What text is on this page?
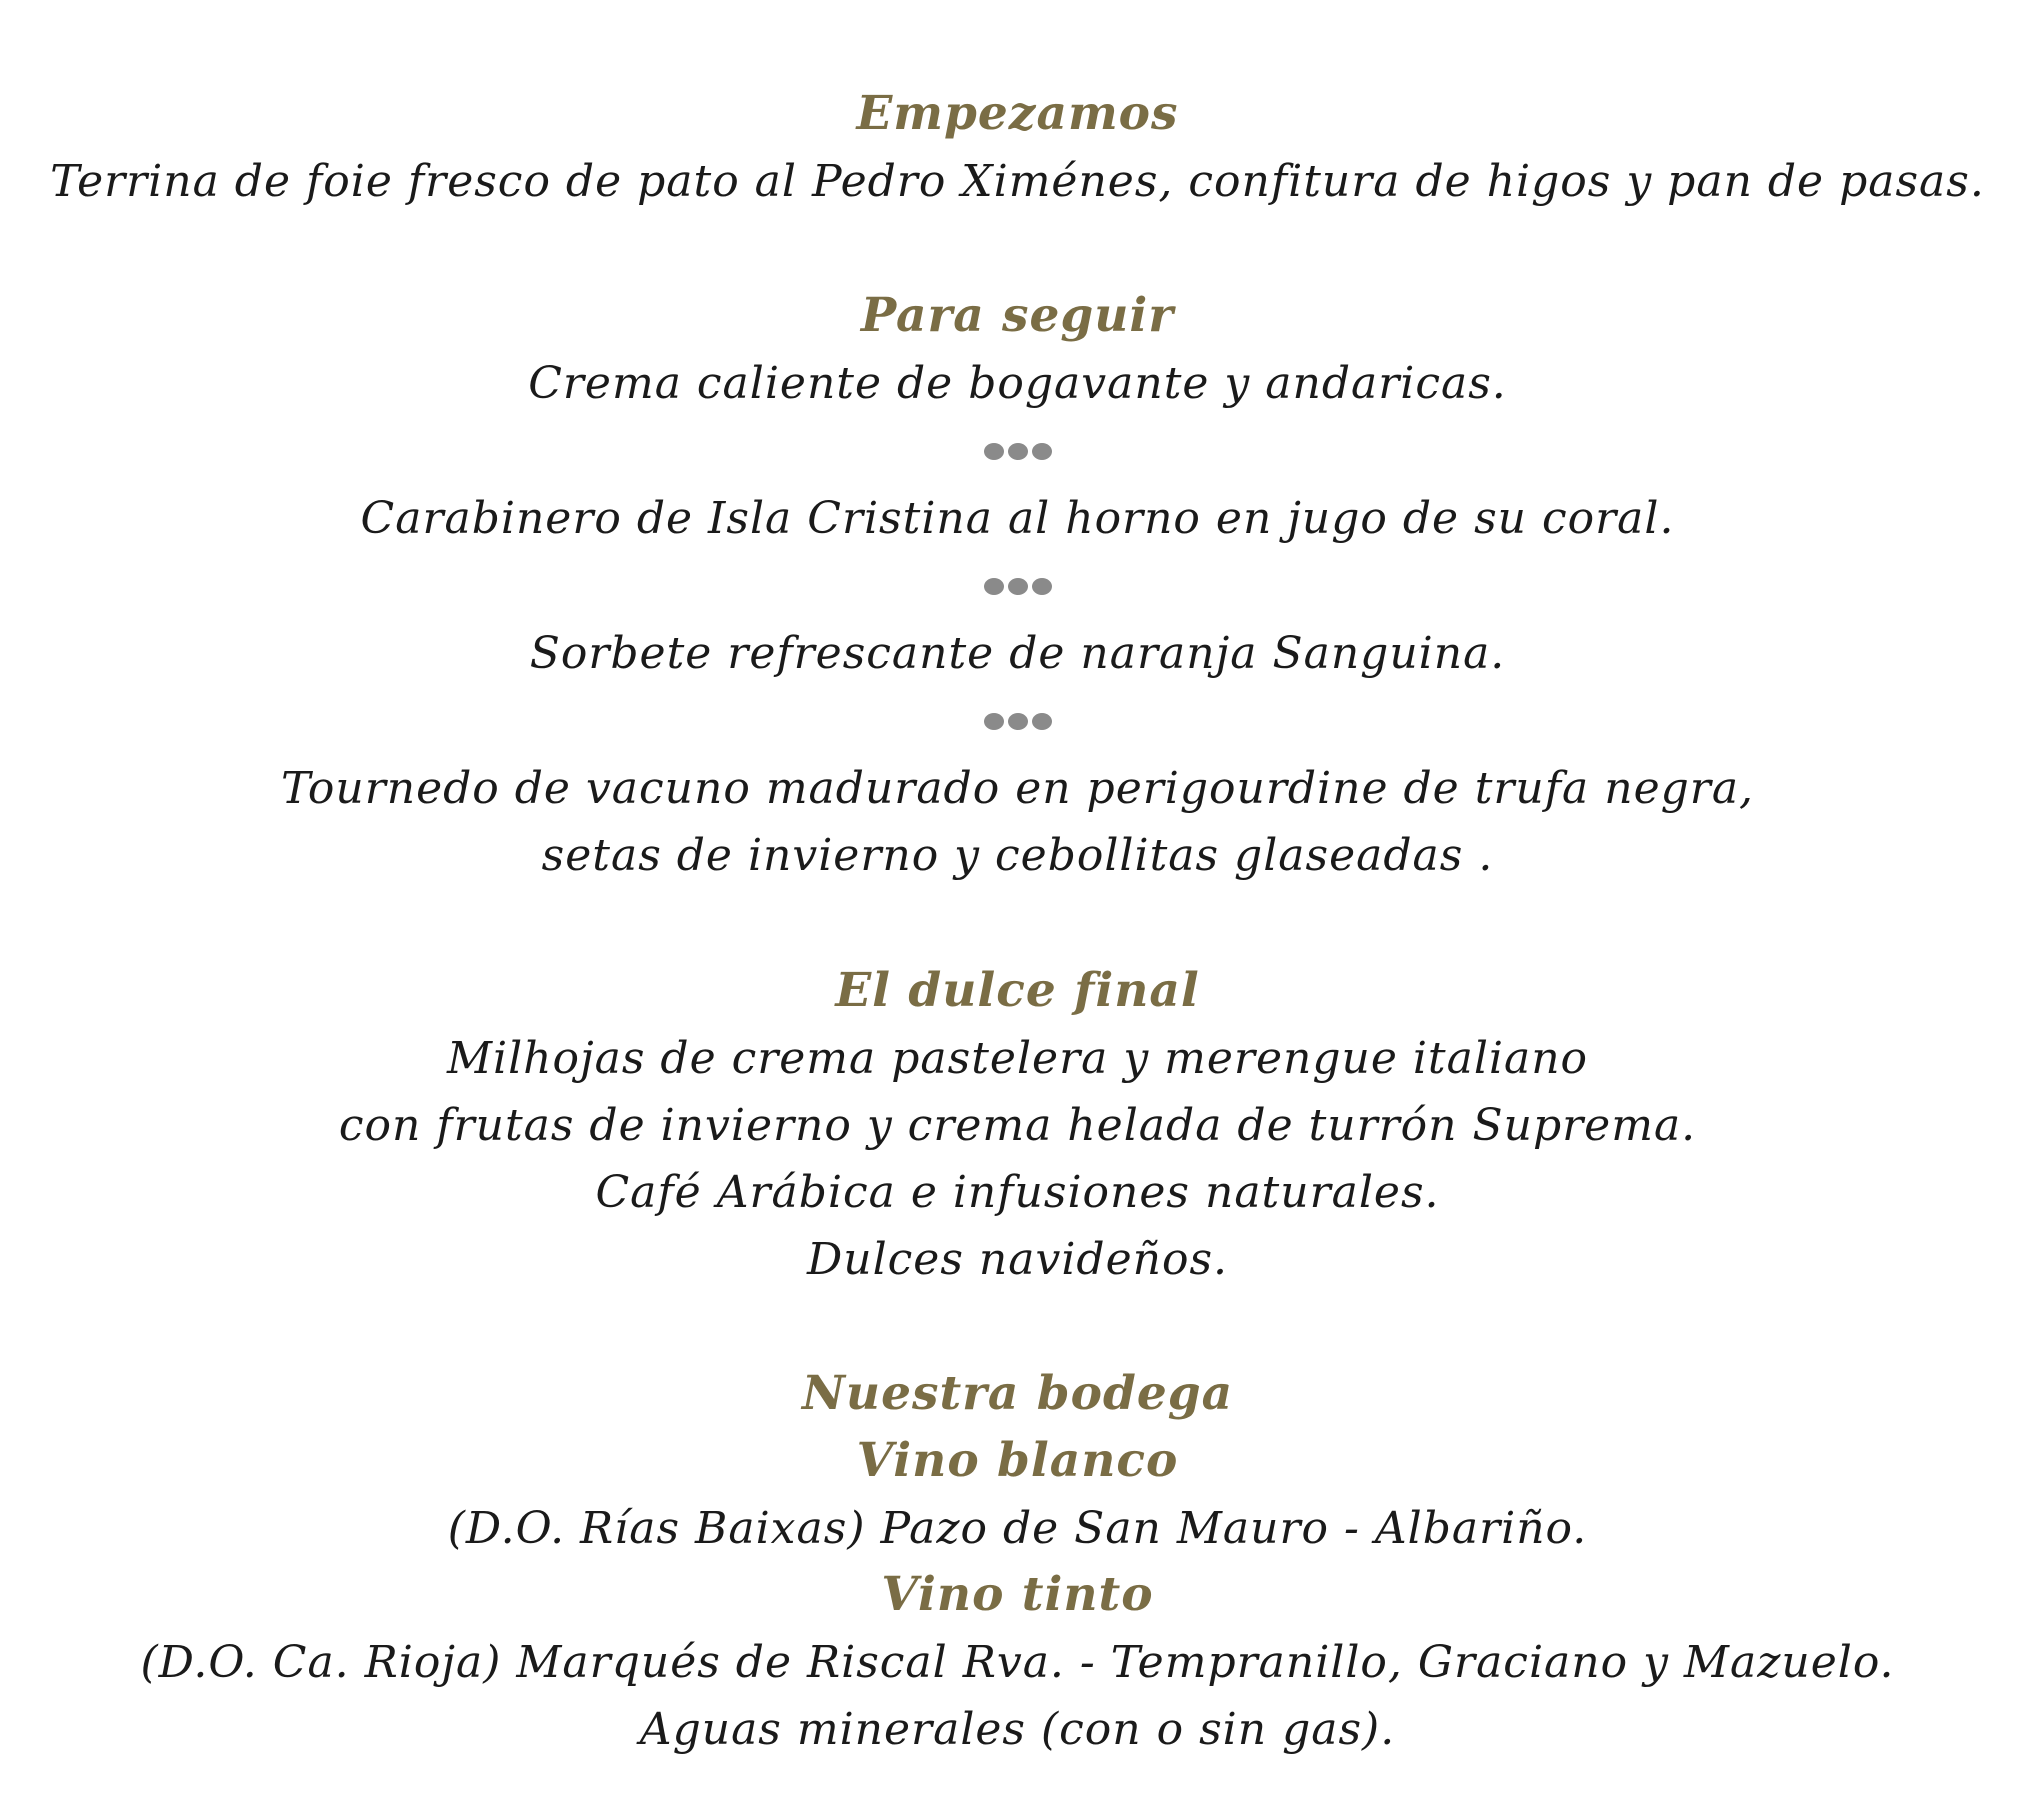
Empezamos
Terrina de foie fresco de pato al Pedro Ximénes, confitura de higos y pan de pasas.
Para seguir
Crema caliente de bogavante y andaricas.
Carabinero de Isla Cristina al horno en jugo de su coral.
Sorbete refrescante de naranja Sanguina.
Tournedo de vacuno madurado en perigourdine de trufa negra,
setas de invierno y cebollitas glaseadas .
El dulce final
Milhojas de crema pastelera y merengue italiano
con frutas de invierno y crema helada de turrón Suprema.
Café Arábica e infusiones naturales.
Dulces navideños.
Nuestra bodega
Vino blanco
(D.O. Rías Baixas) Pazo de San Mauro - Albariño.
Vino tinto
(D.O. Ca. Rioja) Marqués de Riscal Rva. - Tempranillo, Graciano y Mazuelo.
Aguas minerales (con o sin gas).
